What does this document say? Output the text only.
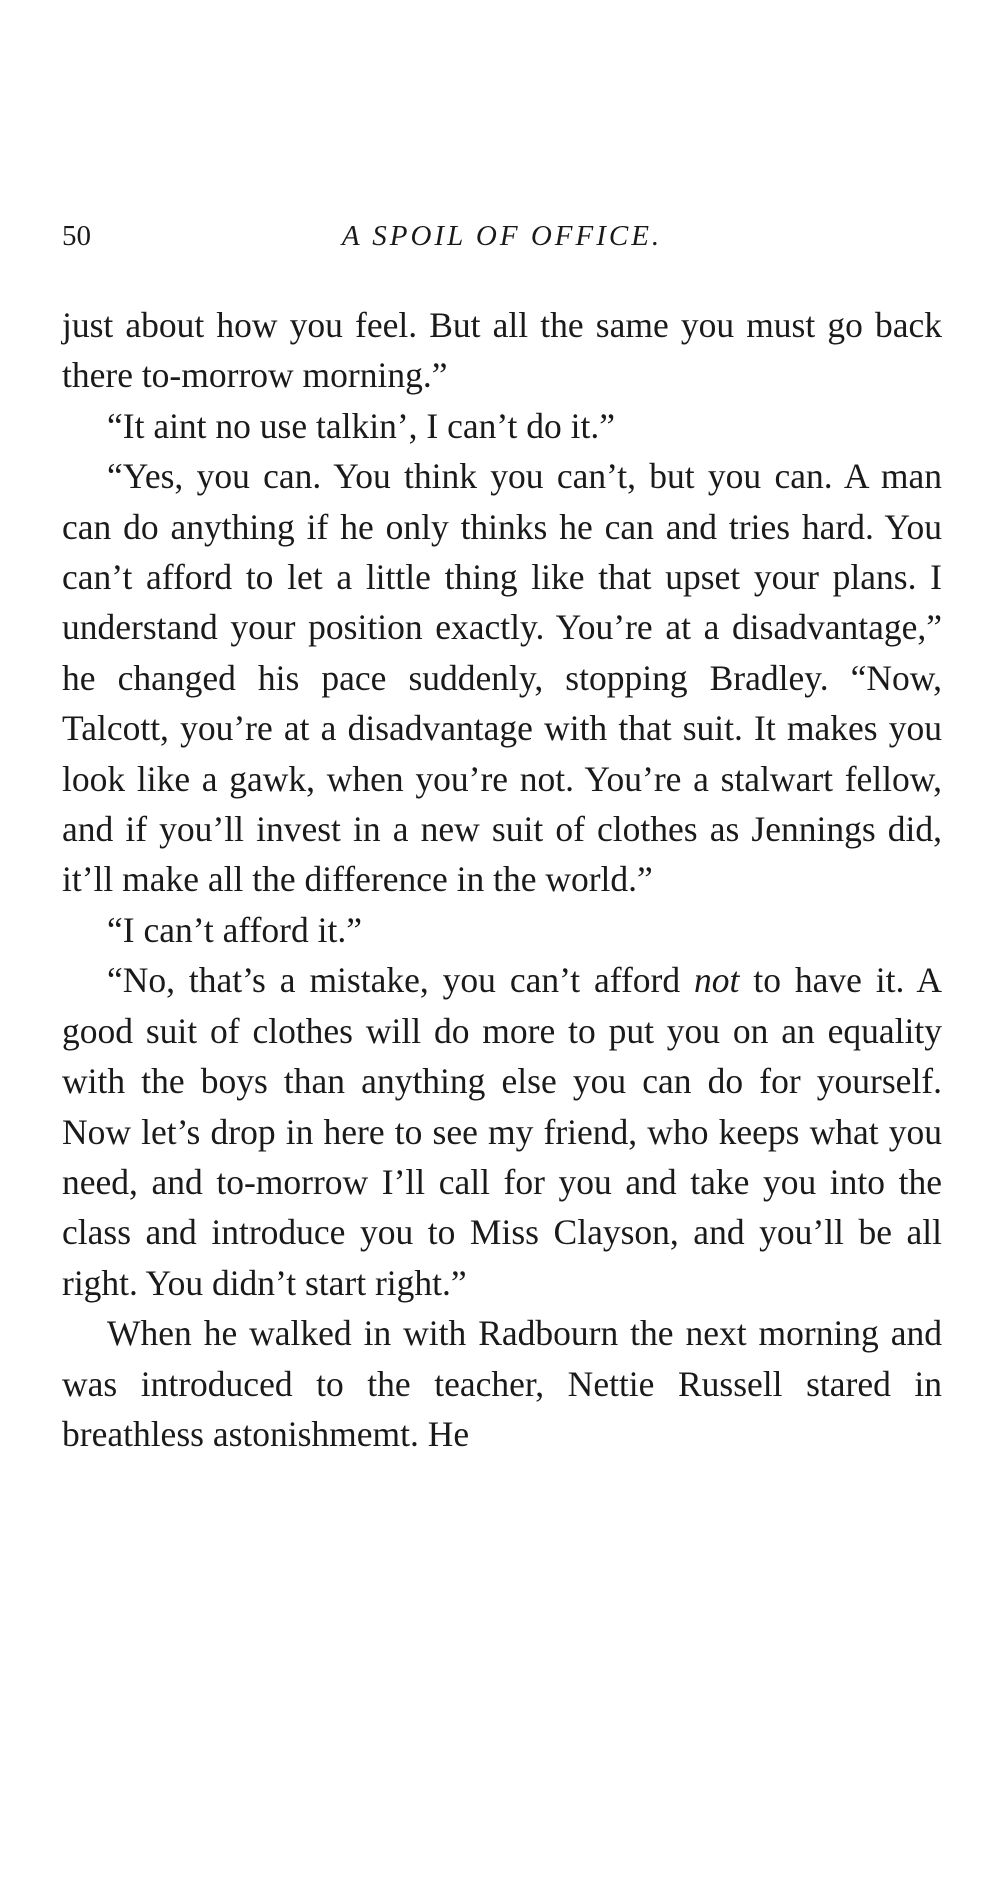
50	A SPOIL OF OFFICE.

just about how you feel. But all the same you must go back there to-morrow morning.”

“It aint no use talkin’, I can’t do it.”

“Yes, you can. You think you can’t, but you can. A man can do anything if he only thinks he can and tries hard. You can’t afford to let a little thing like that upset your plans. I understand your position exactly. You’re at a disadvantage,” he changed his pace suddenly, stopping Bradley. “Now, Talcott, you’re at a disadvantage with that suit. It makes you look like a gawk, when you’re not. You’re a stalwart fellow, and if you’ll invest in a new suit of clothes as Jennings did, it’ll make all the difference in the world.”

“I can’t afford it.”

“No, that’s a mistake, you can’t afford not to have it. A good suit of clothes will do more to put you on an equality with the boys than anything else you can do for yourself. Now let’s drop in here to see my friend, who keeps what you need, and to-morrow I’ll call for you and take you into the class and introduce you to Miss Clayson, and you’ll be all right. You didn’t start right.”

When he walked in with Radbourn the next morning and was introduced to the teacher, Nettie Russell stared in breathless astonishmemt. He
